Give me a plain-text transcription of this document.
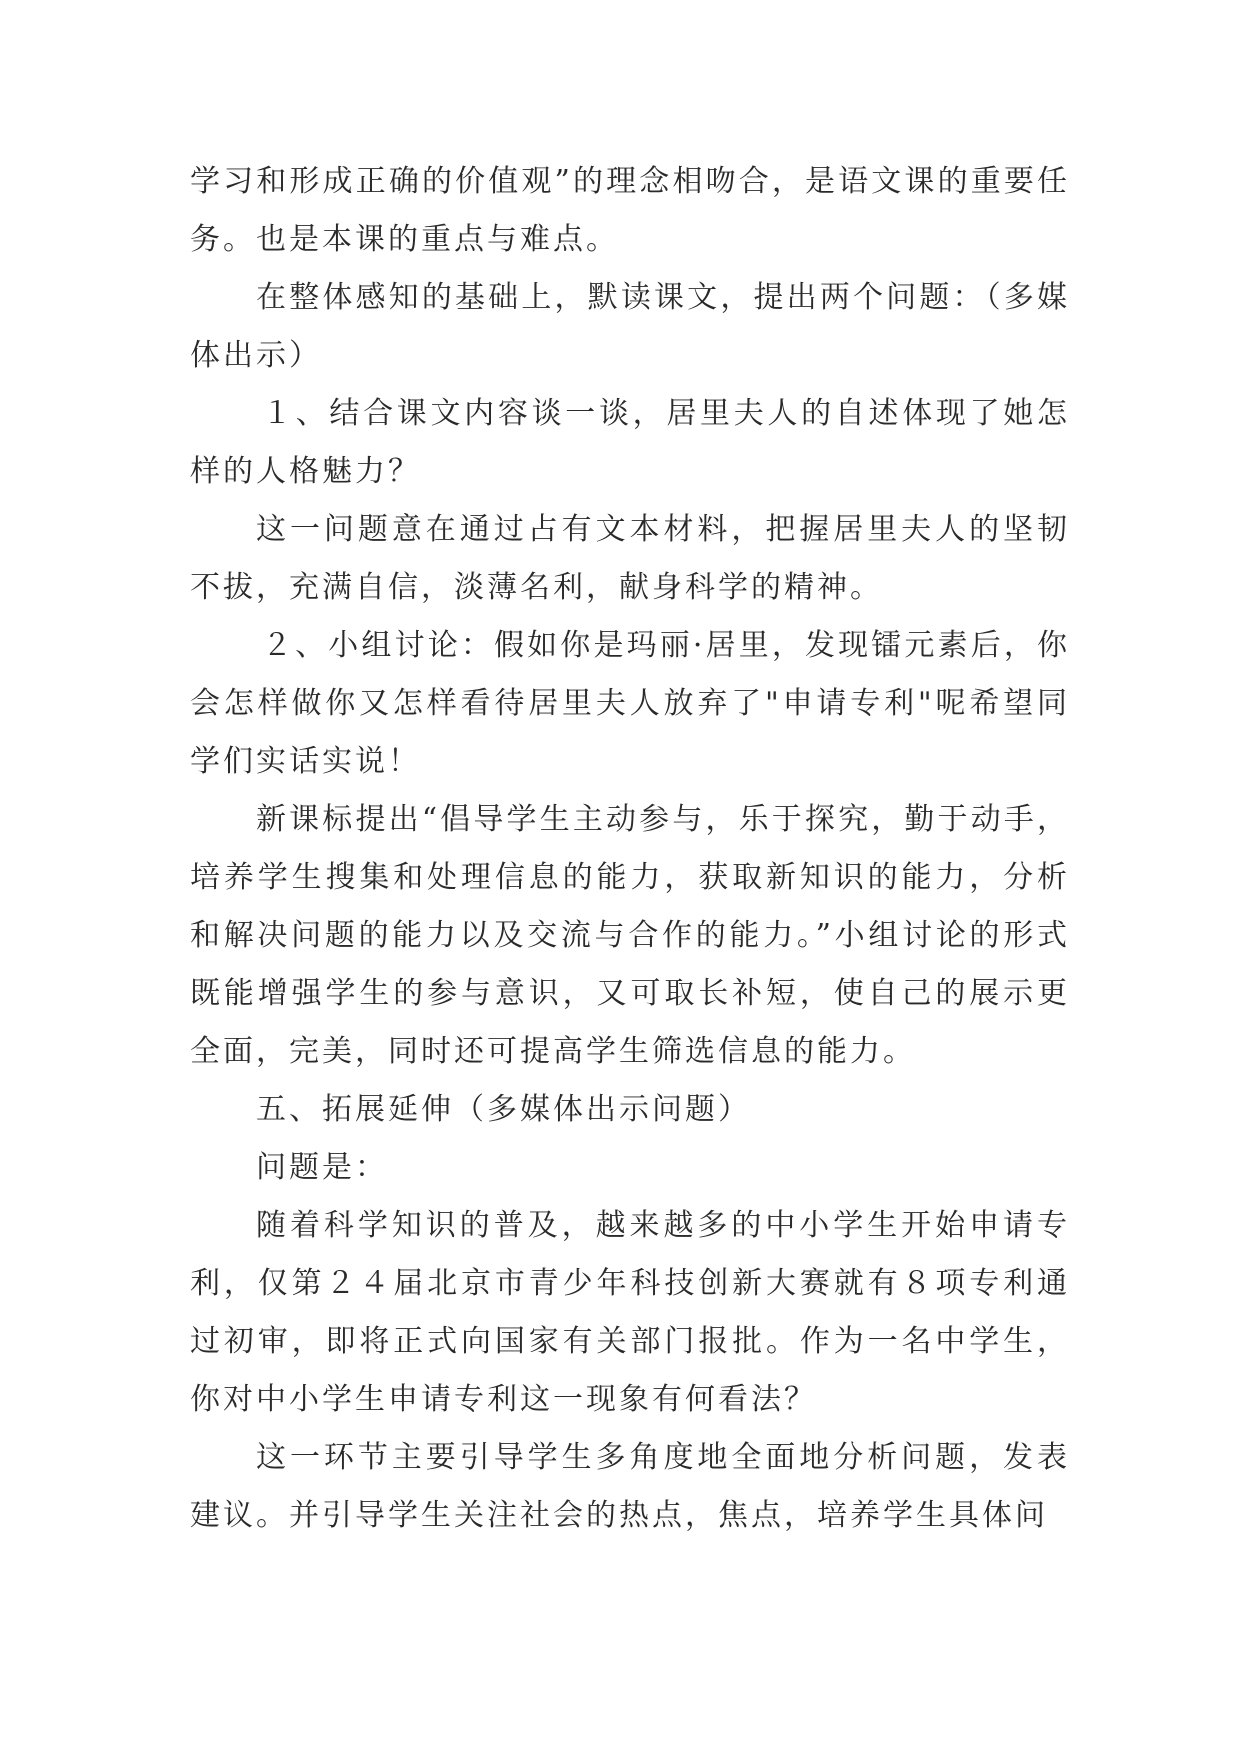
学习和形成正确的价值观”的理念相吻合，是语文课的重要任务。也是本课的重点与难点。

在整体感知的基础上，默读课文，提出两个问题：（多媒体出示）

１、结合课文内容谈一谈，居里夫人的自述体现了她怎样的人格魅力？

这一问题意在通过占有文本材料，把握居里夫人的坚韧不拔，充满自信，淡薄名利，献身科学的精神。

２、小组讨论：假如你是玛丽·居里，发现镭元素后，你会怎样做你又怎样看待居里夫人放弃了"申请专利"呢希望同学们实话实说！

新课标提出“倡导学生主动参与，乐于探究，勤于动手，培养学生搜集和处理信息的能力，获取新知识的能力，分析和解决问题的能力以及交流与合作的能力。”小组讨论的形式既能增强学生的参与意识，又可取长补短，使自己的展示更全面，完美，同时还可提高学生筛选信息的能力。

五、拓展延伸（多媒体出示问题）

问题是：

随着科学知识的普及，越来越多的中小学生开始申请专利，仅第２４届北京市青少年科技创新大赛就有８项专利通过初审，即将正式向国家有关部门报批。作为一名中学生，你对中小学生申请专利这一现象有何看法？

这一环节主要引导学生多角度地全面地分析问题，发表建议。并引导学生关注社会的热点，焦点，培养学生具体问
